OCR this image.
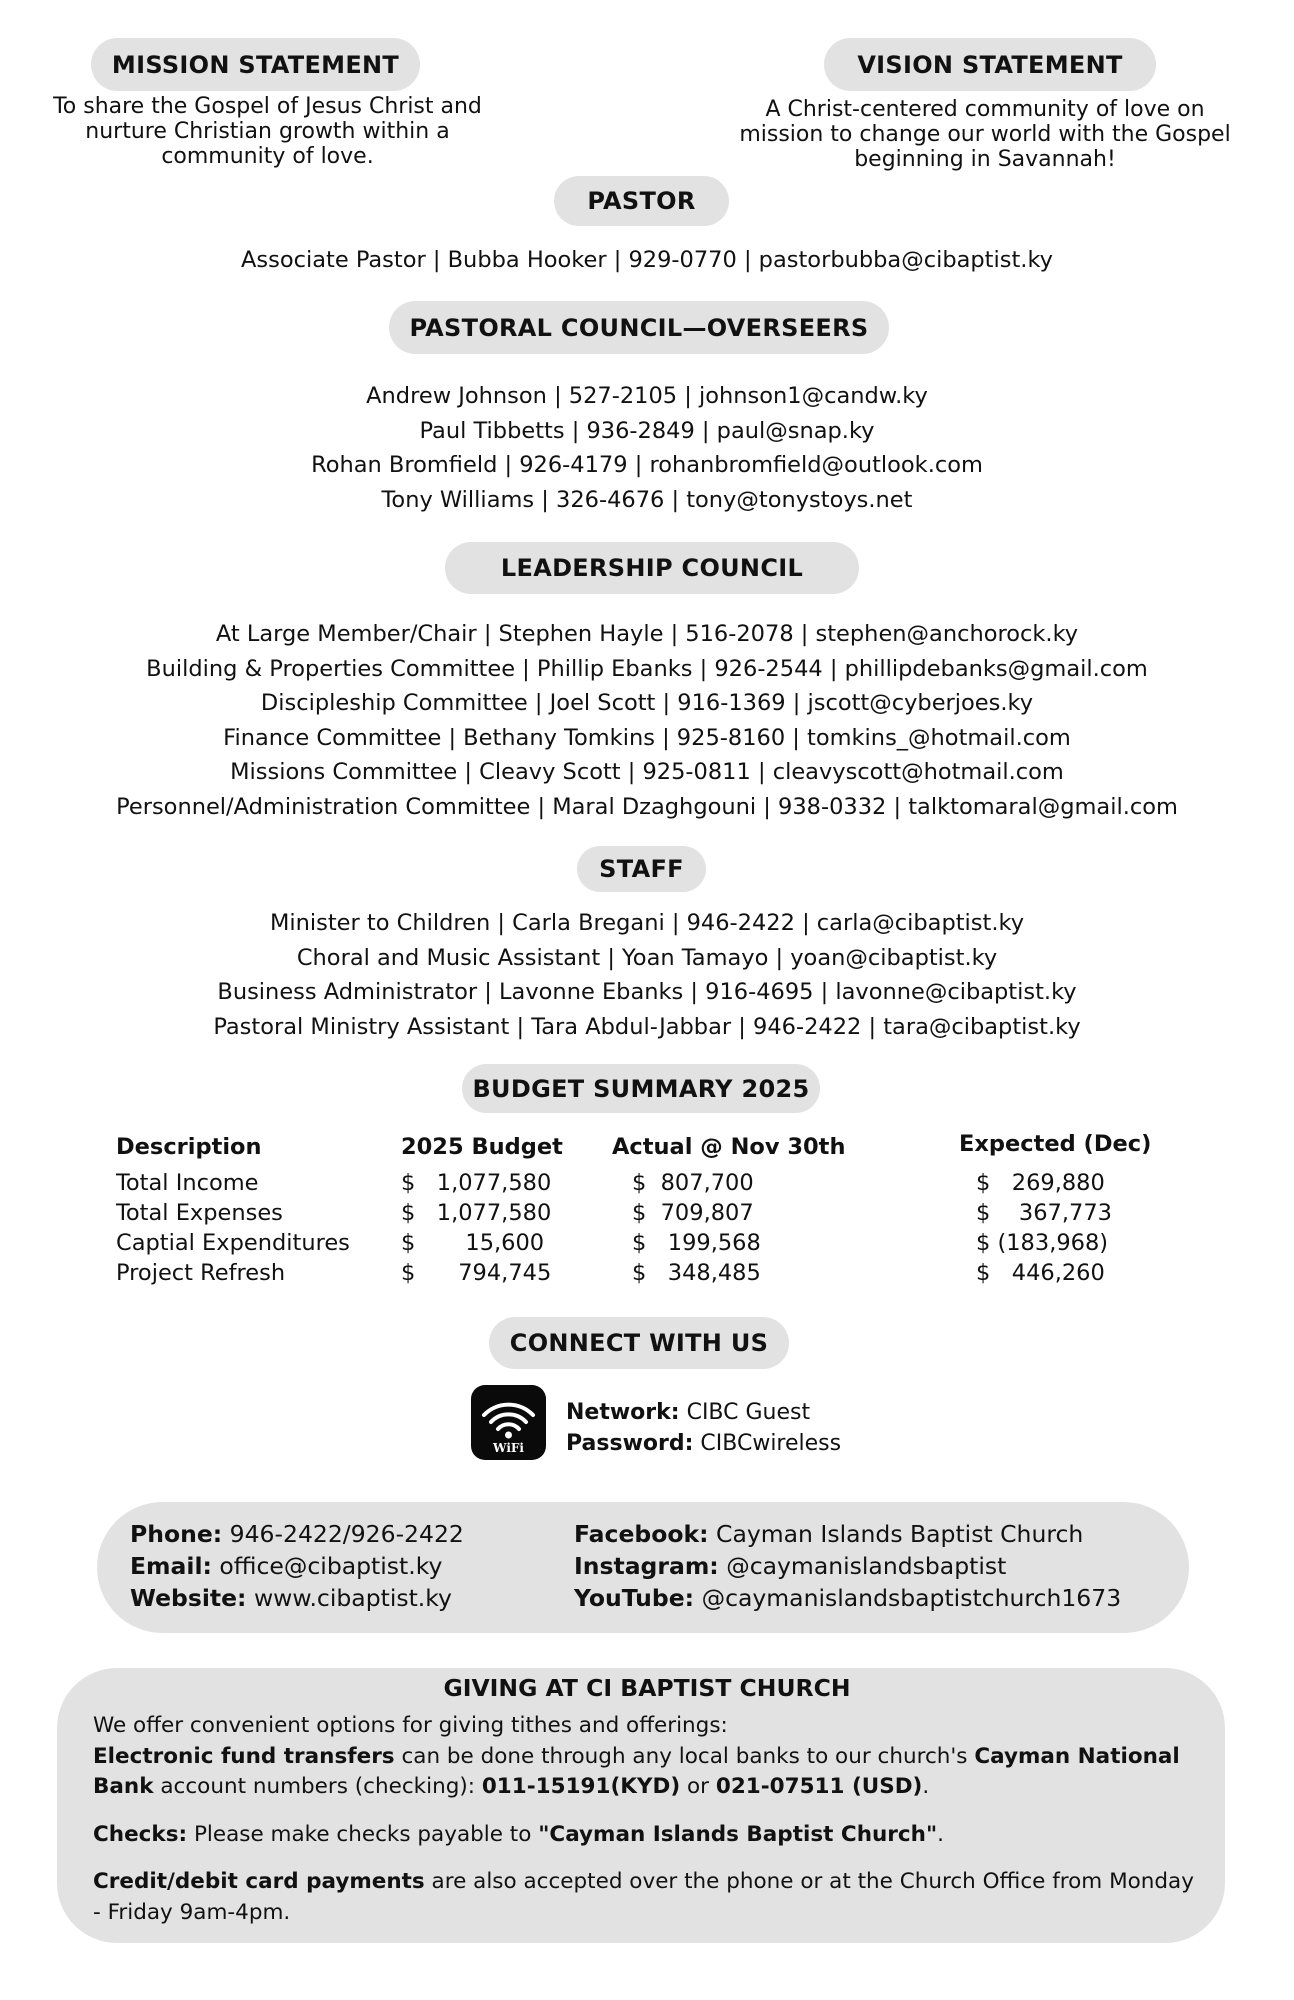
MISSION STATEMENT
To share the Gospel of Jesus Christ and
nurture Christian growth within a
community of love.
VISION STATEMENT
A Christ-centered community of love on
mission to change our world with the Gospel
beginning in Savannah!
PASTOR
Associate Pastor | Bubba Hooker | 929-0770 | pastorbubba@cibaptist.ky
PASTORAL COUNCIL—OVERSEERS
Andrew Johnson | 527-2105 | johnson1@candw.ky
Paul Tibbetts | 936-2849 | paul@snap.ky
Rohan Bromfield | 926-4179 | rohanbromfield@outlook.com
Tony Williams | 326-4676 | tony@tonystoys.net
LEADERSHIP COUNCIL
At Large Member/Chair | Stephen Hayle | 516-2078 | stephen@anchorock.ky
Building & Properties Committee | Phillip Ebanks | 926-2544 | phillipdebanks@gmail.com
Discipleship Committee | Joel Scott | 916-1369 | jscott@cyberjoes.ky
Finance Committee | Bethany Tomkins | 925-8160 | tomkins_@hotmail.com
Missions Committee | Cleavy Scott | 925-0811 | cleavyscott@hotmail.com
Personnel/Administration Committee | Maral Dzaghgouni | 938-0332 | talktomaral@gmail.com
STAFF
Minister to Children | Carla Bregani | 946-2422 | carla@cibaptist.ky
Choral and Music Assistant | Yoan Tamayo | yoan@cibaptist.ky
Business Administrator | Lavonne Ebanks | 916-4695 | lavonne@cibaptist.ky
Pastoral Ministry Assistant | Tara Abdul-Jabbar | 946-2422 | tara@cibaptist.ky
BUDGET SUMMARY 2025
Description
Total Income
Total Expenses
Captial Expenditures
Project Refresh
2025 Budget
$   1,077,580
$   1,077,580
$       15,600
$      794,745
Actual @ Nov 30th
$  807,700
$  709,807
$   199,568
$   348,485
Expected (Dec)
$   269,880
$    367,773
$ (183,968)
$   446,260
CONNECT WITH US
WiFi
Network: CIBC Guest
Password: CIBCwireless
Phone: 946-2422/926-2422
Email: office@cibaptist.ky
Website: www.cibaptist.ky
Facebook: Cayman Islands Baptist Church
Instagram: @caymanislandsbaptist
YouTube: @caymanislandsbaptistchurch1673
GIVING AT CI BAPTIST CHURCH
We offer convenient options for giving tithes and offerings:
Electronic fund transfers can be done through any local banks to our church's Cayman National Bank account numbers (checking): 011-15191(KYD) or 021-07511 (USD).
Checks: Please make checks payable to "Cayman Islands Baptist Church".
Credit/debit card payments are also accepted over the phone or at the Church Office from Monday - Friday 9am-4pm.
